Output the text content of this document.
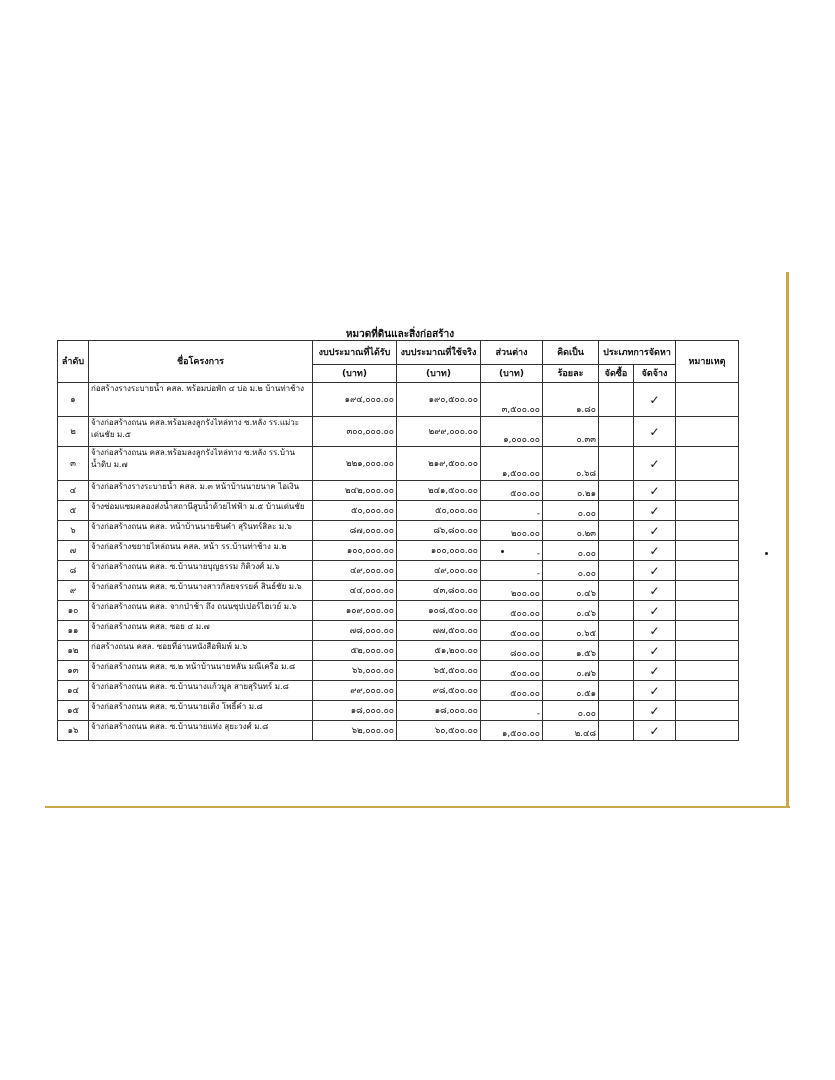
หมวดที่ดินและสิ่งก่อสร้าง
ลำดับ	ชื่อโครงการ	งบประมาณที่ได้รับ	งบประมาณที่ใช้จริง	ส่วนต่าง	คิดเป็น	ประเภทการจัดหา		หมายเหตุ
		(บาท)	(บาท)	(บาท)	ร้อยละ	จัดซื้อ	จัดจ้าง	
๑	ก่อสร้างรางระบายน้ำ คสล. พร้อมบ่อพัก ๔ บ่อ ม.๒ บ้านท่าช้าง	๑๙๔,๐๐๐.๐๐	๑๙๐,๕๐๐.๐๐	๓,๕๐๐.๐๐	๑.๘๐		✓	
๒	จ้างก่อสร้างถนน คสล.พร้อมลงลูกรังไหล่ทาง ซ.หลัง รร.แม่วะเด่นชัย ม.๕	๓๐๐,๐๐๐.๐๐	๒๙๙,๐๐๐.๐๐	๑,๐๐๐.๐๐	๐.๓๓		✓	
๓	จ้างก่อสร้างถนน คสล.พร้อมลงลูกรังไหล่ทาง ซ.หลัง รร.บ้านน้ำดิบ ม.๗	๒๒๑,๐๐๐.๐๐	๒๑๙,๕๐๐.๐๐	๑,๕๐๐.๐๐	๐.๖๘		✓	
๔	จ้างก่อสร้างรางระบายน้ำ คสล. ม.๓ หน้าบ้านนายนาค ไอเงิน	๒๔๒,๐๐๐.๐๐	๒๔๑,๕๐๐.๐๐	๕๐๐.๐๐	๐.๒๑		✓	
๕	จ้างซ่อมแซมคลองส่งน้ำสถานีสูบน้ำด้วยไฟฟ้า ม.๕ บ้านเด่นชัย	๕๐,๐๐๐.๐๐	๕๐,๐๐๐.๐๐	-	๐.๐๐		✓	
๖	จ้างก่อสร้างถนน คสล. หน้าบ้านนายชินคำ สุรินทร์สิละ ม.๖	๘๗,๐๐๐.๐๐	๘๖,๘๐๐.๐๐	๒๐๐.๐๐	๐.๒๓		✓	
๗	จ้างก่อสร้างขยายไหล่ถนน คสล. หน้า รร.บ้านท่าช้าง ม.๒	๑๐๐,๐๐๐.๐๐	๑๐๐,๐๐๐.๐๐	-	๐.๐๐		✓	
๘	จ้างก่อสร้างถนน คสล. ซ.บ้านนายบุญธรรม กิติวงศ์ ม.๖	๔๙,๐๐๐.๐๐	๔๙,๐๐๐.๐๐	-	๐.๐๐		✓	
๙	จ้างก่อสร้างถนน คสล. ซ.บ้านนางสาวกัลยจรรยค์ สินธ์ชัย ม.๖	๔๔,๐๐๐.๐๐	๔๓,๘๐๐.๐๐	๒๐๐.๐๐	๐.๔๖		✓	
๑๐	จ้างก่อสร้างถนน คสล. จากป่าช้า ถึง ถนนซุปเปอร์ไฮเวย์ ม.๖	๑๐๙,๐๐๐.๐๐	๑๐๘,๕๐๐.๐๐	๕๐๐.๐๐	๐.๔๖		✓	
๑๑	จ้างก่อสร้างถนน คสล. ซอย ๔ ม.๗	๗๘,๐๐๐.๐๐	๗๗,๕๐๐.๐๐	๕๐๐.๐๐	๐.๖๕		✓	
๑๒	ก่อสร้างถนน คสล. ซอยที่อ่านหนังสือพิมพ์ ม.๖	๕๒,๐๐๐.๐๐	๕๑,๒๐๐.๐๐	๘๐๐.๐๐	๑.๕๖		✓	
๑๓	จ้างก่อสร้างถนน คสล. ซ.๒ หน้าบ้านนายหลัน มณีเครือ ม.๘	๖๖,๐๐๐.๐๐	๖๕,๕๐๐.๐๐	๕๐๐.๐๐	๐.๗๖		✓	
๑๔	จ้างก่อสร้างถนน คสล. ซ.บ้านนางแก้วมูล สายสุรินทร์ ม.๘	๙๙,๐๐๐.๐๐	๙๘,๕๐๐.๐๐	๕๐๐.๐๐	๐.๕๑		✓	
๑๕	จ้างก่อสร้างถนน คสล. ซ.บ้านนายเติง โพธิ์คำ ม.๘	๑๘,๐๐๐.๐๐	๑๘,๐๐๐.๐๐	-	๐.๐๐		✓	
๑๖	จ้างก่อสร้างถนน คสล. ซ.บ้านนายแห่ง สุยะวงศ์ ม.๘	๖๒,๐๐๐.๐๐	๖๐,๕๐๐.๐๐	๑,๕๐๐.๐๐	๒.๔๘		✓	
